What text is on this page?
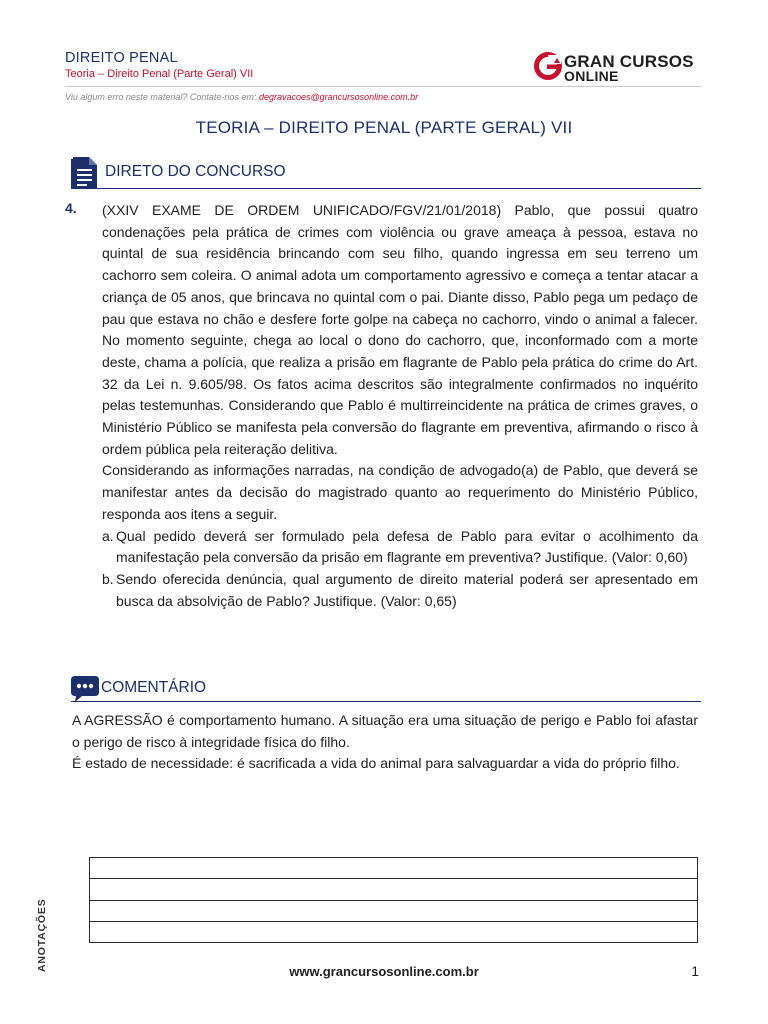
DIREITO PENAL
Teoria – Direito Penal (Parte Geral) VII
GRAN CURSOS
ONLINE
Viu algum erro neste material? Contate-nos em: degravacoes@grancursosonline.com.br
TEORIA – DIREITO PENAL (PARTE GERAL) VII
DIRETO DO CONCURSO
4. (XXIV EXAME DE ORDEM UNIFICADO/FGV/21/01/2018) Pablo, que possui quatro condenações pela prática de crimes com violência ou grave ameaça à pessoa, estava no quintal de sua residência brincando com seu filho, quando ingressa em seu terreno um cachorro sem coleira. O animal adota um comportamento agressivo e começa a tentar atacar a criança de 05 anos, que brincava no quintal com o pai. Diante disso, Pablo pega um pedaço de pau que estava no chão e desfere forte golpe na cabeça no cachorro, vindo o animal a falecer. No momento seguinte, chega ao local o dono do cachorro, que, inconformado com a morte deste, chama a polícia, que realiza a prisão em flagrante de Pablo pela prática do crime do Art. 32 da Lei n. 9.605/98. Os fatos acima descritos são integralmente confirmados no inquérito pelas testemunhas. Considerando que Pablo é multirreincidente na prática de crimes graves, o Ministério Público se manifesta pela conversão do flagrante em preventiva, afirmando o risco à ordem pública pela reiteração delitiva.

Considerando as informações narradas, na condição de advogado(a) de Pablo, que deverá se manifestar antes da decisão do magistrado quanto ao requerimento do Ministério Público, responda aos itens a seguir.

a. Qual pedido deverá ser formulado pela defesa de Pablo para evitar o acolhimento da manifestação pela conversão da prisão em flagrante em preventiva? Justifique. (Valor: 0,60)
b. Sendo oferecida denúncia, qual argumento de direito material poderá ser apresentado em busca da absolvição de Pablo? Justifique. (Valor: 0,65)
COMENTÁRIO

A AGRESSÃO é comportamento humano. A situação era uma situação de perigo e Pablo foi afastar o perigo de risco à integridade física do filho.

É estado de necessidade: é sacrificada a vida do animal para salvaguardar a vida do próprio filho.

ANOTAÇÕES	www.grancursosonline.com.br	1
